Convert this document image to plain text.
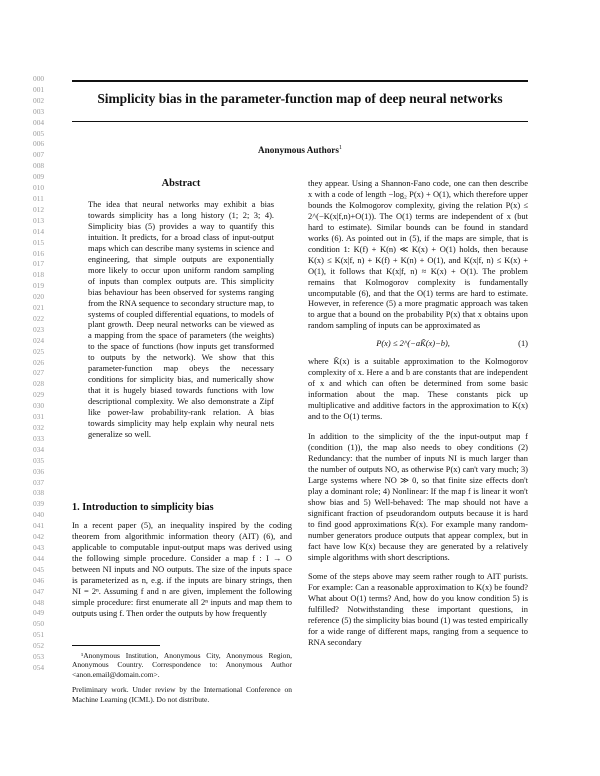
000
001
002
003
004
005
006
007
008
009
010
011
012
013
014
015
016
017
018
019
020
021
022
023
024
025
026
027
028
029
030
031
032
033
034
035
036
037
038
039
040
041
042
043
044
045
046
047
048
049
050
051
052
053
054
Simplicity bias in the parameter-function map of deep neural networks
Anonymous Authors$^1$
Abstract

The idea that neural networks may exhibit a bias towards simplicity has a long history (1; 2; 3; 4). Simplicity bias (5) provides a way to quantify this intuition. It predicts, for a broad class of input-output maps which can describe many systems in science and engineering, that simple outputs are exponentially more likely to occur upon uniform random sampling of inputs than complex outputs are. This simplicity bias behaviour has been observed for systems ranging from the RNA sequence to secondary structure map, to systems of coupled differential equations, to models of plant growth. Deep neural networks can be viewed as a mapping from the space of parameters (the weights) to the space of functions (how inputs get transformed to outputs by the network). We show that this parameter-function map obeys the necessary conditions for simplicity bias, and numerically show that it is hugely biased towards functions with low descriptional complexity. We also demonstrate a Zipf like power-law probability-rank relation. A bias towards simplicity may help explain why neural nets generalize so well.

1. Introduction to simplicity bias

In a recent paper (5), an inequality inspired by the coding theorem from algorithmic information theory (AIT) (6), and applicable to computable input-output maps was derived using the following simple procedure. Consider a map f : I → O between NI inputs and NO outputs. The size of the inputs space is parameterized as n, e.g. if the inputs are binary strings, then NI = 2ⁿ. Assuming f and n are given, implement the following simple procedure: first enumerate all 2ⁿ inputs and map them to outputs using f. Then order the outputs by how frequently

¹Anonymous Institution, Anonymous City, Anonymous Region, Anonymous Country. Correspondence to: Anonymous Author <anon.email@domain.com>.

Preliminary work. Under review by the International Conference on Machine Learning (ICML). Do not distribute.

they appear. Using a Shannon-Fano code, one can then describe x with a code of length −log₂ P(x) + O(1), which therefore upper bounds the Kolmogorov complexity, giving the relation P(x) ≤ 2^(−K(x|f,n)+O(1)). The O(1) terms are independent of x (but hard to estimate). Similar bounds can be found in standard works (6). As pointed out in (5), if the maps are simple, that is condition 1: K(f) + K(n) ≪ K(x) + O(1) holds, then because K(x) ≤ K(x|f, n) + K(f) + K(n) + O(1), and K(x|f, n) ≤ K(x) + O(1), it follows that K(x|f, n) ≈ K(x) + O(1). The problem remains that Kolmogorov complexity is fundamentally uncomputable (6), and that the O(1) terms are hard to estimate. However, in reference (5) a more pragmatic approach was taken to argue that a bound on the probability P(x) that x obtains upon random sampling of inputs can be approximated as

P(x) ≤ 2^(−aK̃(x)−b),	(1)

where K̃(x) is a suitable approximation to the Kolmogorov complexity of x. Here a and b are constants that are independent of x and which can often be determined from some basic information about the map. These constants pick up multiplicative and additive factors in the approximation to K(x) and to the O(1) terms.

In addition to the simplicity of the the input-output map f (condition (1)), the map also needs to obey conditions (2) Redundancy: that the number of inputs NI is much larger than the number of outputs NO, as otherwise P(x) can't vary much; 3) Large systems where NO ≫ 0, so that finite size effects don't play a dominant role; 4) Nonlinear: If the map f is linear it won't show bias and 5) Well-behaved: The map should not have a significant fraction of pseudorandom outputs because it is hard to find good approximations K̃(x). For example many random-number generators produce outputs that appear complex, but in fact have low K(x) because they are generated by a relatively simple algorithms with short descriptions.

Some of the steps above may seem rather rough to AIT purists. For example: Can a reasonable approximation to K(x) be found? What about O(1) terms? And, how do you know condition 5) is fulfilled? Notwithstanding these important questions, in reference (5) the simplicity bias bound (1) was tested empirically for a wide range of different maps, ranging from a sequence to RNA secondary
